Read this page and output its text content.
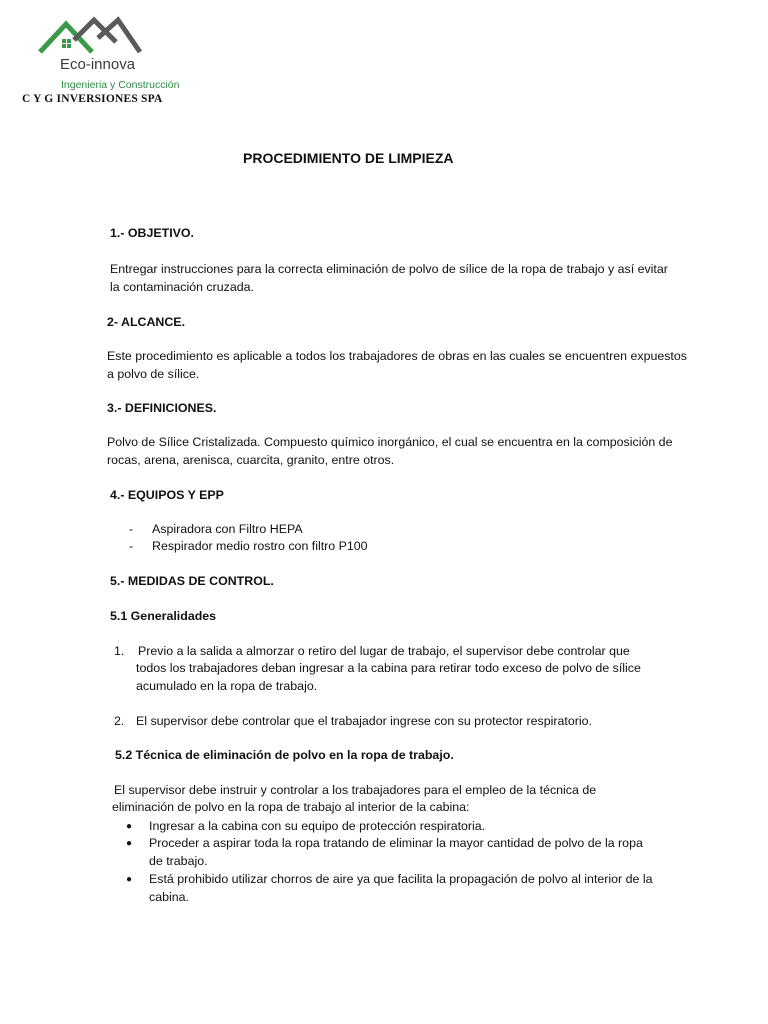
Eco-innova
Ingenieria y Construcción
C Y G INVERSIONES SPA
PROCEDIMIENTO DE LIMPIEZA
1.- OBJETIVO.
Entregar instrucciones para la correcta eliminación de polvo de sílice de la ropa de trabajo y así evitar
la contaminación cruzada.
2- ALCANCE.
Este procedimiento es aplicable a todos los trabajadores de obras en las cuales se encuentren expuestos
a polvo de sílice.
3.- DEFINICIONES.
Polvo de Sílice Cristalizada. Compuesto químico inorgánico, el cual se encuentra en la composición de
rocas, arena, arenisca, cuarcita, granito, entre otros.
4.- EQUIPOS Y EPP
- Aspiradora con Filtro HEPA
- Respirador medio rostro con filtro P100
5.- MEDIDAS DE CONTROL.
5.1 Generalidades
1. Previo a la salida a almorzar o retiro del lugar de trabajo, el supervisor debe controlar que
todos los trabajadores deban ingresar a la cabina para retirar todo exceso de polvo de sílice
acumulado en la ropa de trabajo.
2. El supervisor debe controlar que el trabajador ingrese con su protector respiratorio.
5.2 Técnica de eliminación de polvo en la ropa de trabajo.
El supervisor debe instruir y controlar a los trabajadores para el empleo de la técnica de
eliminación de polvo en la ropa de trabajo al interior de la cabina:
● Ingresar a la cabina con su equipo de protección respiratoria.
● Proceder a aspirar toda la ropa tratando de eliminar la mayor cantidad de polvo de la ropa
de trabajo.
● Está prohibido utilizar chorros de aire ya que facilita la propagación de polvo al interior de la
cabina.
